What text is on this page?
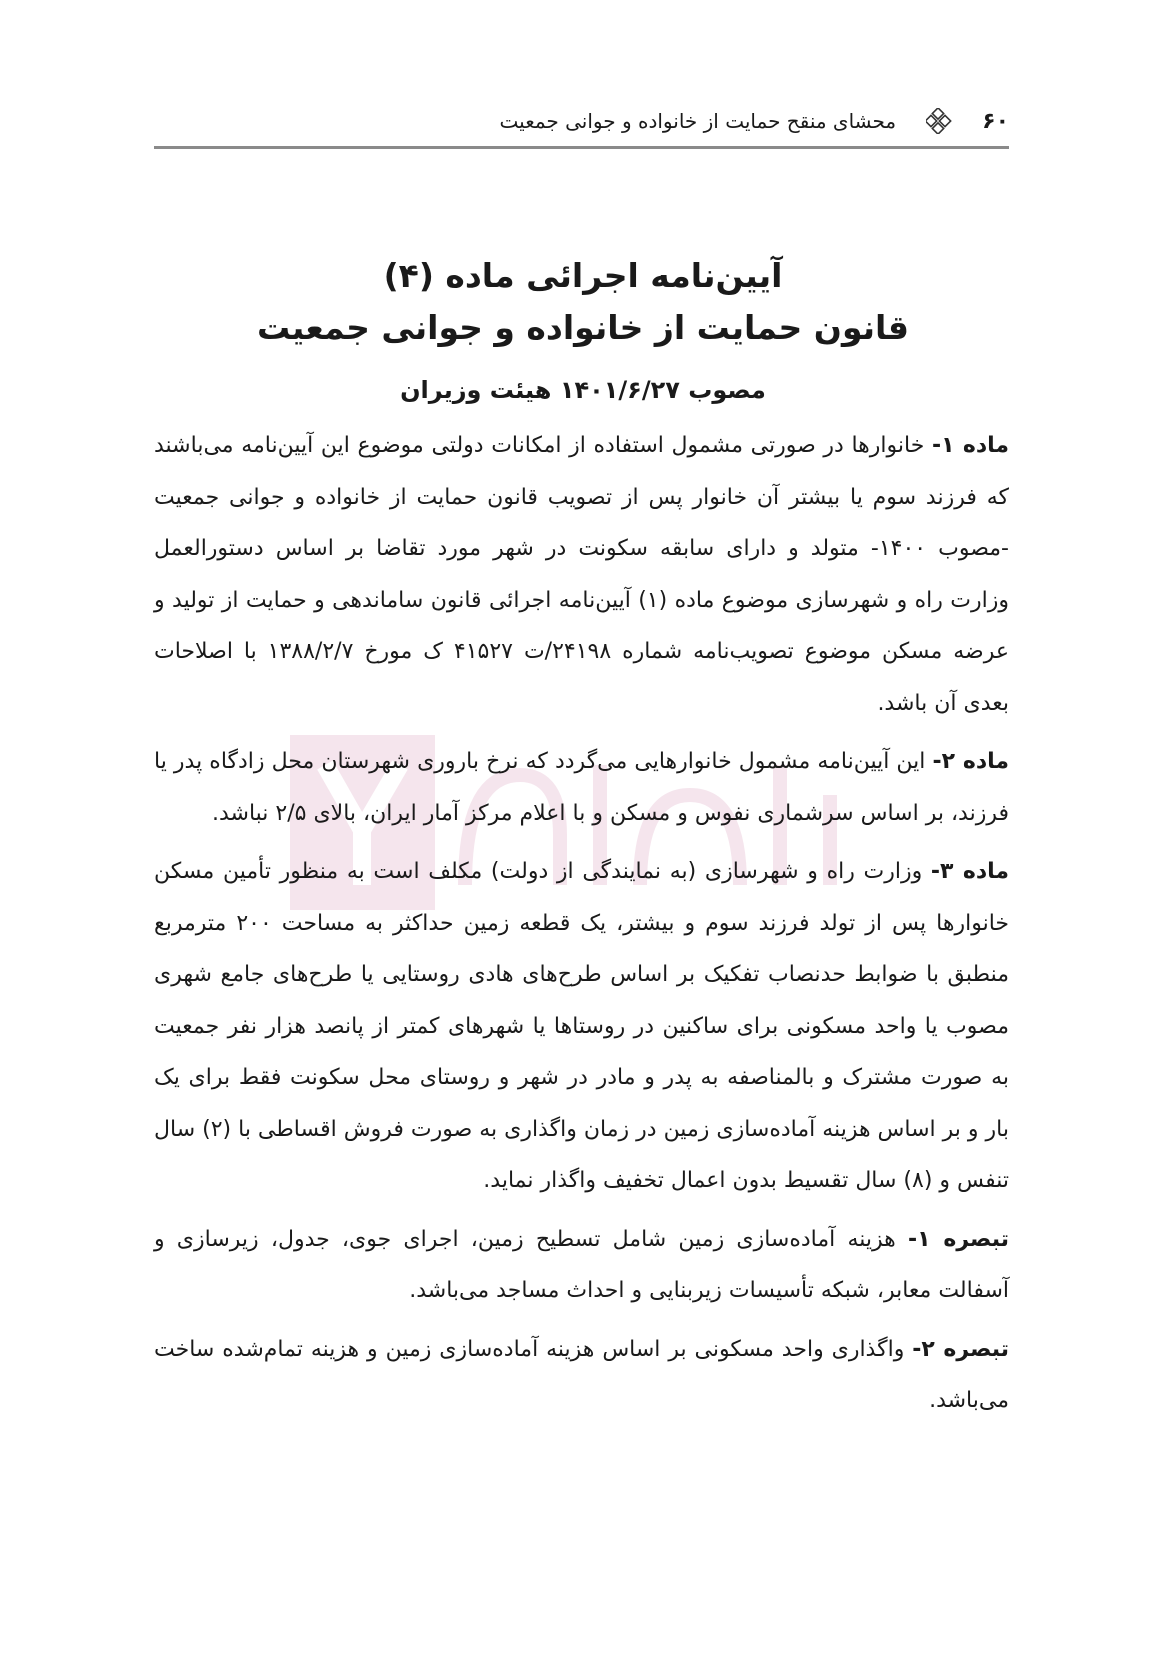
۶۰
محشای منقح حمایت از خانواده و جوانی جمعیت
آیین‌نامه اجرائی ماده (۴)
قانون حمایت از خانواده و جوانی جمعیت
مصوب ۱۴۰۱/۶/۲۷ هیئت وزیران

ماده ۱- خانوارها در صورتی مشمول استفاده از امکانات دولتی موضوع این آیین‌نامه می‌باشند که فرزند سوم یا بیشتر آن خانوار پس از تصویب قانون حمایت از خانواده و جوانی جمعیت -مصوب ۱۴۰۰- متولد و دارای سابقه سکونت در شهر مورد تقاضا بر اساس دستورالعمل وزارت راه و شهرسازی موضوع ماده (۱) آیین‌نامه اجرائی قانون ساماندهی و حمایت از تولید و عرضه مسکن موضوع تصویب‌نامه شماره ۲۴۱۹۸/ت ۴۱۵۲۷ ک مورخ ۱۳۸۸/۲/۷ با اصلاحات بعدی آن باشد.

ماده ۲- این آیین‌نامه مشمول خانوارهایی می‌گردد که نرخ باروری شهرستان محل زادگاه پدر یا فرزند، بر اساس سرشماری نفوس و مسکن و با اعلام مرکز آمار ایران، بالای ۲/۵ نباشد.

ماده ۳- وزارت راه و شهرسازی (به نمایندگی از دولت) مکلف است به منظور تأمین مسکن خانوارها پس از تولد فرزند سوم و بیشتر، یک قطعه زمین حداکثر به مساحت ۲۰۰ مترمربع منطبق با ضوابط حدنصاب تفکیک بر اساس طرح‌های هادی روستایی یا طرح‌های جامع شهری مصوب یا واحد مسکونی برای ساکنین در روستاها یا شهرهای کمتر از پانصد هزار نفر جمعیت به صورت مشترک و بالمناصفه به پدر و مادر در شهر و روستای محل سکونت فقط برای یک بار و بر اساس هزینه آماده‌سازی زمین در زمان واگذاری به صورت فروش اقساطی با (۲) سال تنفس و (۸) سال تقسیط بدون اعمال تخفیف واگذار نماید.

تبصره ۱- هزینه آماده‌سازی زمین شامل تسطیح زمین، اجرای جوی، جدول، زیرسازی و آسفالت معابر، شبکه تأسیسات زیربنایی و احداث مساجد می‌باشد.

تبصره ۲- واگذاری واحد مسکونی بر اساس هزینه آماده‌سازی زمین و هزینه تمام‌شده ساخت می‌باشد.
